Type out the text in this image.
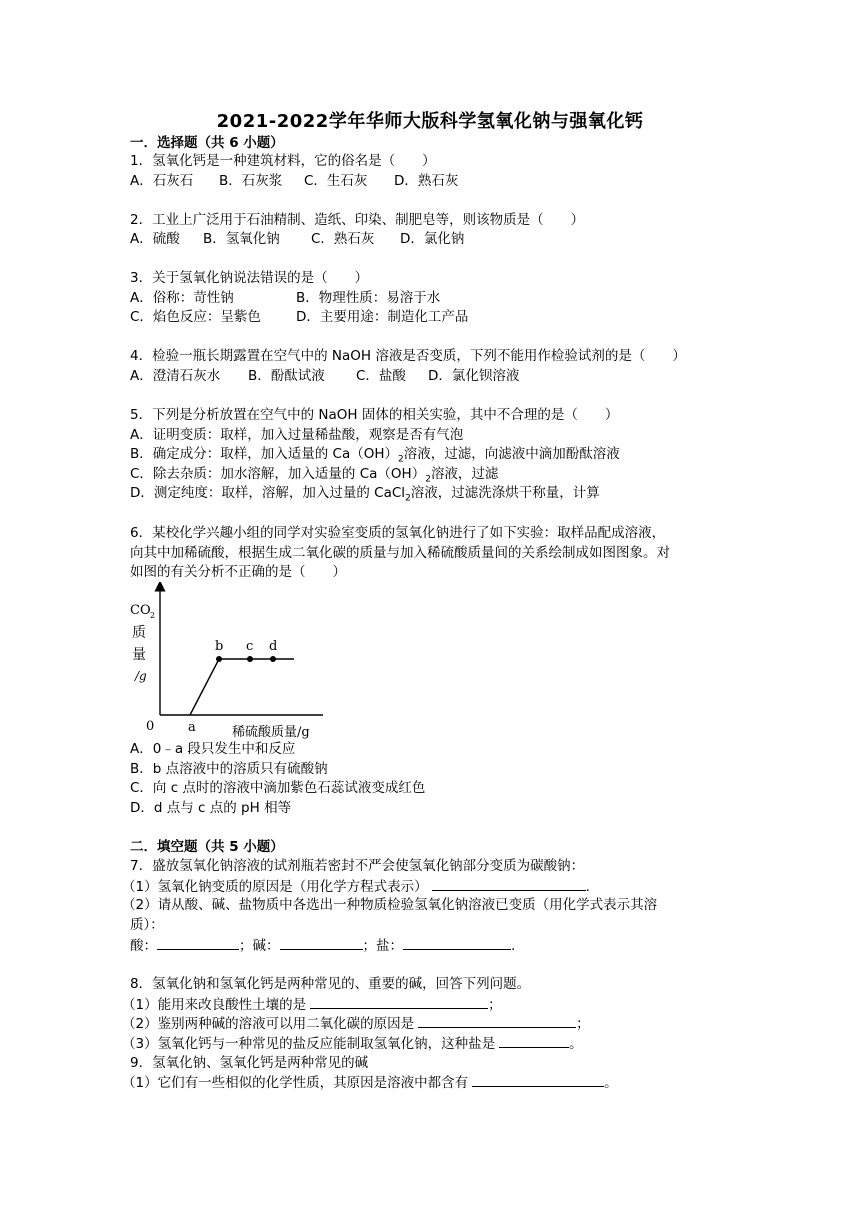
2021-2022学年华师大版科学氢氧化钠与强氧化钙
一．选择题（共 6 小题）
1．氢氧化钙是一种建筑材料，它的俗名是（　　）
A．石灰石 B．石灰浆 C．生石灰 D．熟石灰
2．工业上广泛用于石油精制、造纸、印染、制肥皂等，则该物质是（　　）
A．硫酸 B．氢氧化钠 C．熟石灰 D．氯化钠
3．关于氢氧化钠说法错误的是（　　）
A．俗称：苛性钠	B．物理性质：易溶于水
C．焰色反应：呈紫色	D．主要用途：制造化工产品
4．检验一瓶长期露置在空气中的 NaOH 溶液是否变质，下列不能用作检验试剂的是（　　）
A．澄清石灰水 B．酚酞试液 C．盐酸 D．氯化钡溶液
5．下列是分析放置在空气中的 NaOH 固体的相关实验，其中不合理的是（　　）
A．证明变质：取样，加入过量稀盐酸，观察是否有气泡
B．确定成分：取样，加入适量的 $Ca(OH)_2$溶液，过滤，向滤液中滴加酚酞溶液
C．除去杂质：加水溶解，加入适量的 $Ca(OH)_2$溶液，过滤
D．测定纯度：取样，溶解，加入过量的 CaCl$_2$溶液，过滤洗涤烘干称量，计算
6．某校化学兴趣小组的同学对实验室变质的氢氧化钠进行了如下实验：取样品配成溶液，
向其中加稀硫酸，根据生成二氧化碳的质量与加入稀硫酸质量间的关系绘制成如图图象。对
如图的有关分析不正确的是（　　）
CO 2
质
量
/g
0	a
b c d
稀硫酸质量/g
A．0﹣a 段只发生中和反应
B．b 点溶液中的溶质只有硫酸钠
C．向 c 点时的溶液中滴加紫色石蕊试液变成红色
D．d 点与 c 点的 pH 相等
二．填空题（共 5 小题）
7．盛放氢氧化钠溶液的试剂瓶若密封不严会使氢氧化钠部分变质为碳酸钠：
（1）氢氧化钠变质的原因是（用化学方程式表示）	.
（2）请从酸、碱、盐物质中各选出一种物质检验氢氧化钠溶液已变质（用化学式表示其溶
质）：
酸：	；碱：	；盐：	.
8．氢氧化钠和氢氧化钙是两种常见的、重要的碱，回答下列问题。
（1）能用来改良酸性土壤的是	；
（2）鉴别两种碱的溶液可以用二氧化碳的原因是	；
（3）氢氧化钙与一种常见的盐反应能制取氢氧化钠，这种盐是	。
9．氢氧化钠、氢氧化钙是两种常见的碱
（1）它们有一些相似的化学性质，其原因是溶液中都含有	。
